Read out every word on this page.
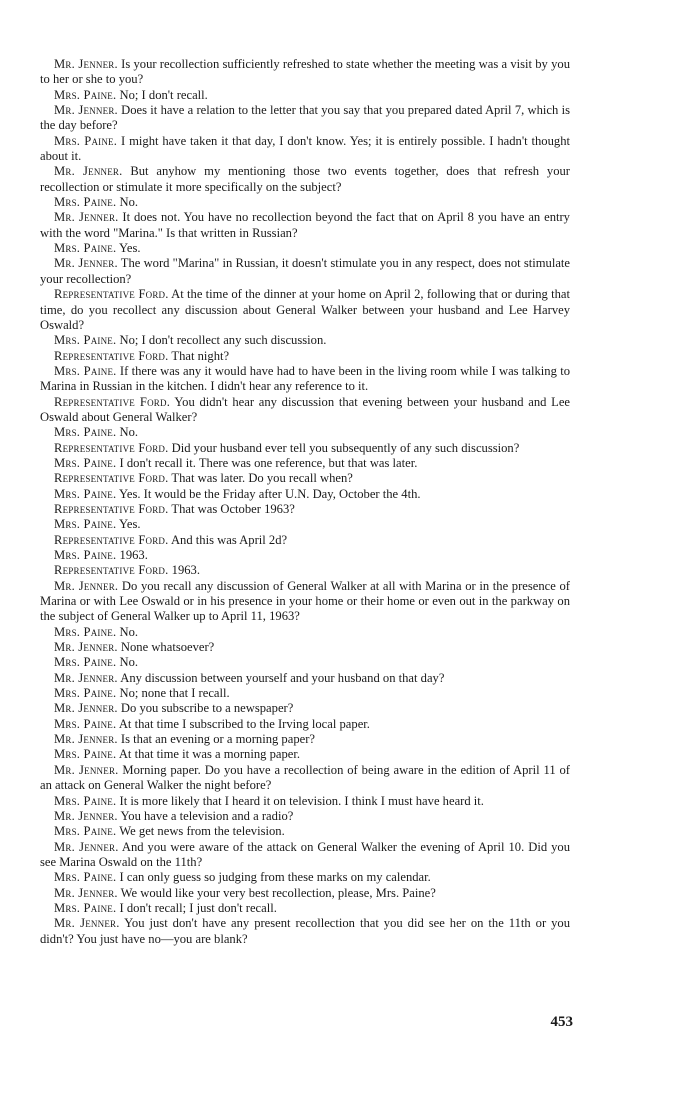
Mr. Jenner. Is your recollection sufficiently refreshed to state whether the meeting was a visit by you to her or she to you?

Mrs. Paine. No; I don't recall.

Mr. Jenner. Does it have a relation to the letter that you say that you prepared dated April 7, which is the day before?

Mrs. Paine. I might have taken it that day, I don't know. Yes; it is entirely possible. I hadn't thought about it.

Mr. Jenner. But anyhow my mentioning those two events together, does that refresh your recollection or stimulate it more specifically on the subject?

Mrs. Paine. No.

Mr. Jenner. It does not. You have no recollection beyond the fact that on April 8 you have an entry with the word "Marina." Is that written in Russian?

Mrs. Paine. Yes.

Mr. Jenner. The word "Marina" in Russian, it doesn't stimulate you in any respect, does not stimulate your recollection?

Representative Ford. At the time of the dinner at your home on April 2, following that or during that time, do you recollect any discussion about General Walker between your husband and Lee Harvey Oswald?

Mrs. Paine. No; I don't recollect any such discussion.

Representative Ford. That night?

Mrs. Paine. If there was any it would have had to have been in the living room while I was talking to Marina in Russian in the kitchen. I didn't hear any reference to it.

Representative Ford. You didn't hear any discussion that evening between your husband and Lee Oswald about General Walker?

Mrs. Paine. No.

Representative Ford. Did your husband ever tell you subsequently of any such discussion?

Mrs. Paine. I don't recall it. There was one reference, but that was later.

Representative Ford. That was later. Do you recall when?

Mrs. Paine. Yes. It would be the Friday after U.N. Day, October the 4th.

Representative Ford. That was October 1963?

Mrs. Paine. Yes.

Representative Ford. And this was April 2d?

Mrs. Paine. 1963.

Representative Ford. 1963.

Mr. Jenner. Do you recall any discussion of General Walker at all with Marina or in the presence of Marina or with Lee Oswald or in his presence in your home or their home or even out in the parkway on the subject of General Walker up to April 11, 1963?

Mrs. Paine. No.

Mr. Jenner. None whatsoever?

Mrs. Paine. No.

Mr. Jenner. Any discussion between yourself and your husband on that day?

Mrs. Paine. No; none that I recall.

Mr. Jenner. Do you subscribe to a newspaper?

Mrs. Paine. At that time I subscribed to the Irving local paper.

Mr. Jenner. Is that an evening or a morning paper?

Mrs. Paine. At that time it was a morning paper.

Mr. Jenner. Morning paper. Do you have a recollection of being aware in the edition of April 11 of an attack on General Walker the night before?

Mrs. Paine. It is more likely that I heard it on television. I think I must have heard it.

Mr. Jenner. You have a television and a radio?

Mrs. Paine. We get news from the television.

Mr. Jenner. And you were aware of the attack on General Walker the evening of April 10. Did you see Marina Oswald on the 11th?

Mrs. Paine. I can only guess so judging from these marks on my calendar.

Mr. Jenner. We would like your very best recollection, please, Mrs. Paine?

Mrs. Paine. I don't recall; I just don't recall.

Mr. Jenner. You just don't have any present recollection that you did see her on the 11th or you didn't? You just have no—you are blank?

453
